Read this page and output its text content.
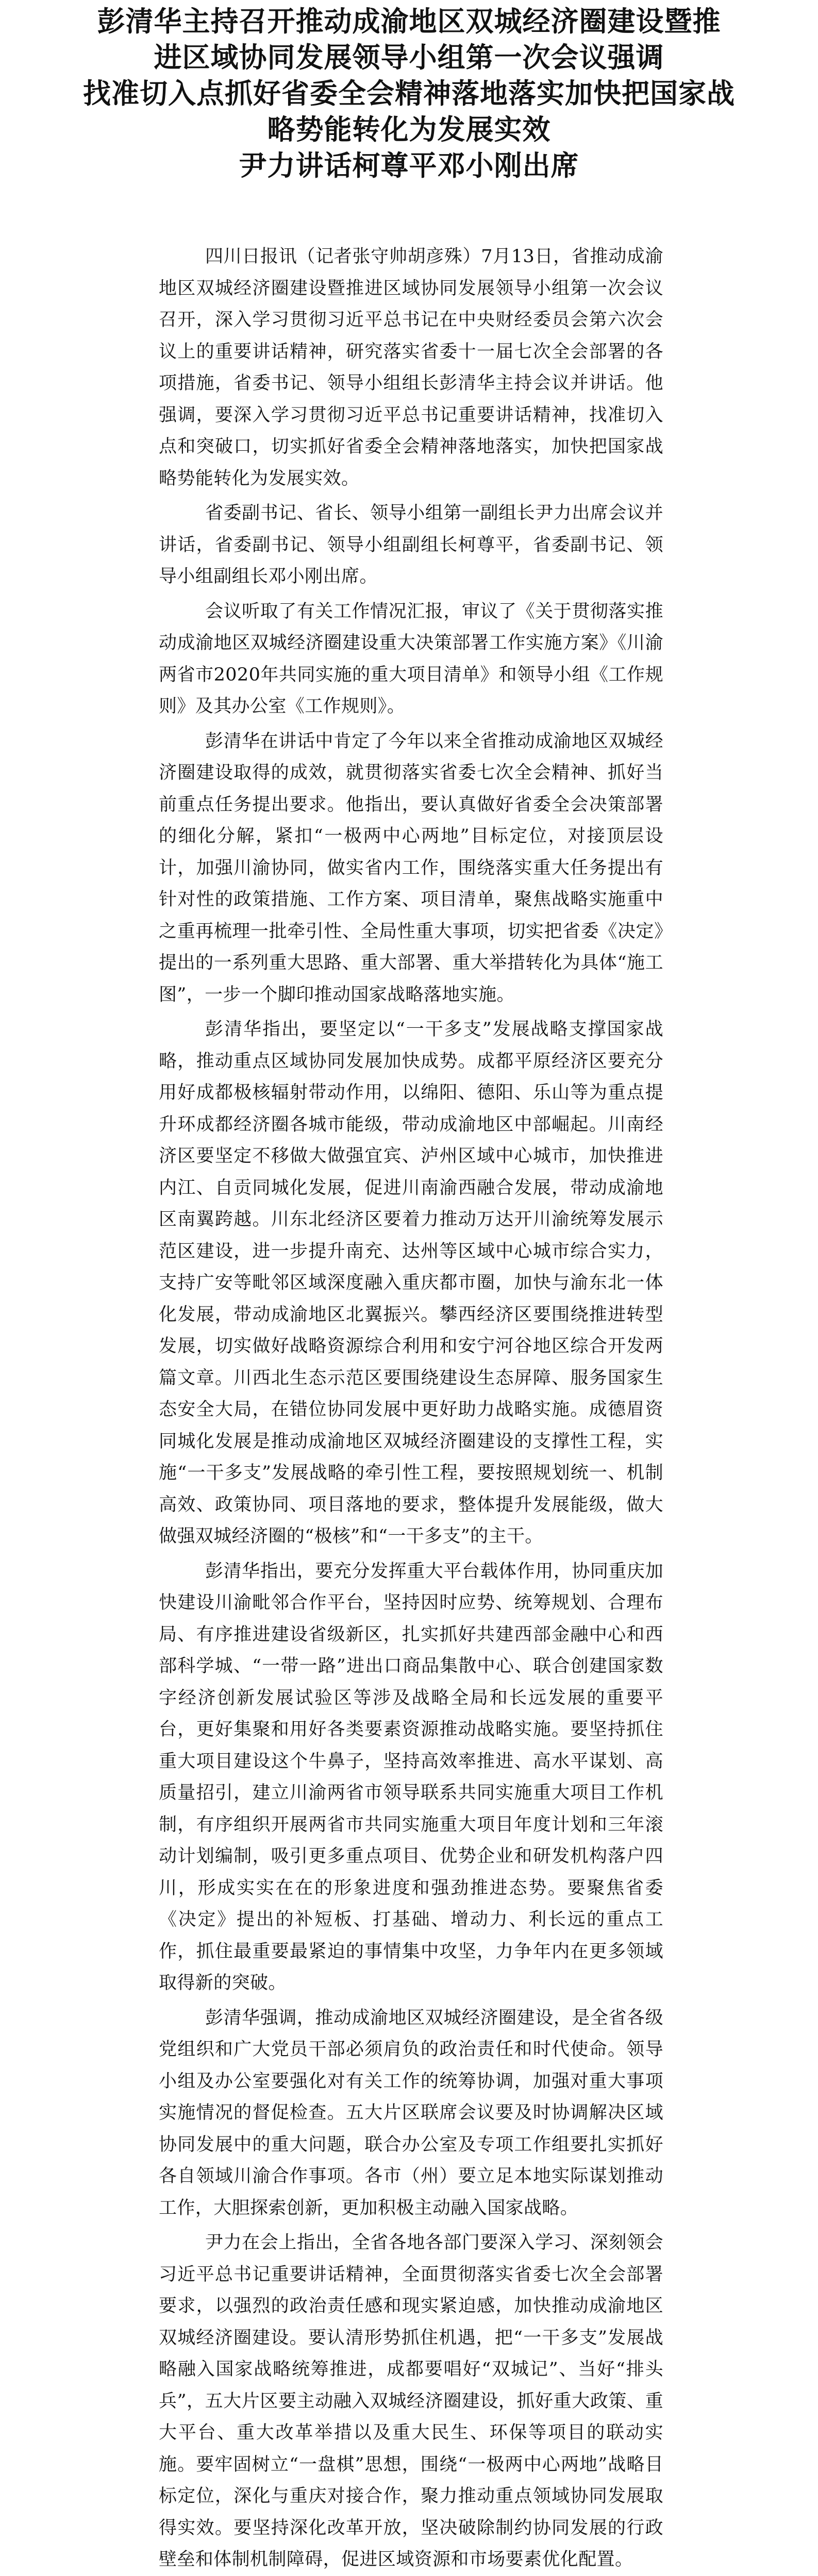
彭清华主持召开推动成渝地区双城经济圈建设暨推
进区域协同发展领导小组第一次会议强调
找准切入点抓好省委全会精神落地落实加快把国家战
略势能转化为发展实效
尹力讲话柯尊平邓小刚出席

四川日报讯（记者张守帅胡彦殊）7月13日，省推动成渝地区双城经济圈建设暨推进区域协同发展领导小组第一次会议召开，深入学习贯彻习近平总书记在中央财经委员会第六次会议上的重要讲话精神，研究落实省委十一届七次全会部署的各项措施，省委书记、领导小组组长彭清华主持会议并讲话。他强调，要深入学习贯彻习近平总书记重要讲话精神，找准切入点和突破口，切实抓好省委全会精神落地落实，加快把国家战略势能转化为发展实效。

省委副书记、省长、领导小组第一副组长尹力出席会议并讲话，省委副书记、领导小组副组长柯尊平，省委副书记、领导小组副组长邓小刚出席。

会议听取了有关工作情况汇报，审议了《关于贯彻落实推动成渝地区双城经济圈建设重大决策部署工作实施方案》《川渝两省市2020年共同实施的重大项目清单》和领导小组《工作规则》及其办公室《工作规则》。

彭清华在讲话中肯定了今年以来全省推动成渝地区双城经济圈建设取得的成效，就贯彻落实省委七次全会精神、抓好当前重点任务提出要求。他指出，要认真做好省委全会决策部署的细化分解，紧扣“一极两中心两地”目标定位，对接顶层设计，加强川渝协同，做实省内工作，围绕落实重大任务提出有针对性的政策措施、工作方案、项目清单，聚焦战略实施重中之重再梳理一批牵引性、全局性重大事项，切实把省委《决定》提出的一系列重大思路、重大部署、重大举措转化为具体“施工图”，一步一个脚印推动国家战略落地实施。

彭清华指出，要坚定以“一干多支”发展战略支撑国家战略，推动重点区域协同发展加快成势。成都平原经济区要充分用好成都极核辐射带动作用，以绵阳、德阳、乐山等为重点提升环成都经济圈各城市能级，带动成渝地区中部崛起。川南经济区要坚定不移做大做强宜宾、泸州区域中心城市，加快推进内江、自贡同城化发展，促进川南渝西融合发展，带动成渝地区南翼跨越。川东北经济区要着力推动万达开川渝统筹发展示范区建设，进一步提升南充、达州等区域中心城市综合实力，支持广安等毗邻区域深度融入重庆都市圈，加快与渝东北一体化发展，带动成渝地区北翼振兴。攀西经济区要围绕推进转型发展，切实做好战略资源综合利用和安宁河谷地区综合开发两篇文章。川西北生态示范区要围绕建设生态屏障、服务国家生态安全大局，在错位协同发展中更好助力战略实施。成德眉资同城化发展是推动成渝地区双城经济圈建设的支撑性工程，实施“一干多支”发展战略的牵引性工程，要按照规划统一、机制高效、政策协同、项目落地的要求，整体提升发展能级，做大做强双城经济圈的“极核”和“一干多支”的主干。

彭清华指出，要充分发挥重大平台载体作用，协同重庆加快建设川渝毗邻合作平台，坚持因时应势、统筹规划、合理布局、有序推进建设省级新区，扎实抓好共建西部金融中心和西部科学城、“一带一路”进出口商品集散中心、联合创建国家数字经济创新发展试验区等涉及战略全局和长远发展的重要平台，更好集聚和用好各类要素资源推动战略实施。要坚持抓住重大项目建设这个牛鼻子，坚持高效率推进、高水平谋划、高质量招引，建立川渝两省市领导联系共同实施重大项目工作机制，有序组织开展两省市共同实施重大项目年度计划和三年滚动计划编制，吸引更多重点项目、优势企业和研发机构落户四川，形成实实在在的形象进度和强劲推进态势。要聚焦省委《决定》提出的补短板、打基础、增动力、利长远的重点工作，抓住最重要最紧迫的事情集中攻坚，力争年内在更多领域取得新的突破。

彭清华强调，推动成渝地区双城经济圈建设，是全省各级党组织和广大党员干部必须肩负的政治责任和时代使命。领导小组及办公室要强化对有关工作的统筹协调，加强对重大事项实施情况的督促检查。五大片区联席会议要及时协调解决区域协同发展中的重大问题，联合办公室及专项工作组要扎实抓好各自领域川渝合作事项。各市（州）要立足本地实际谋划推动工作，大胆探索创新，更加积极主动融入国家战略。

尹力在会上指出，全省各地各部门要深入学习、深刻领会习近平总书记重要讲话精神，全面贯彻落实省委七次全会部署要求，以强烈的政治责任感和现实紧迫感，加快推动成渝地区双城经济圈建设。要认清形势抓住机遇，把“一干多支”发展战略融入国家战略统筹推进，成都要唱好“双城记”、当好“排头兵”，五大片区要主动融入双城经济圈建设，抓好重大政策、重大平台、重大改革举措以及重大民生、环保等项目的联动实施。要牢固树立“一盘棋”思想，围绕“一极两中心两地”战略目标定位，深化与重庆对接合作，聚力推动重点领域协同发展取得实效。要坚持深化改革开放，坚决破除制约协同发展的行政壁垒和体制机制障碍，促进区域资源和市场要素优化配置。
